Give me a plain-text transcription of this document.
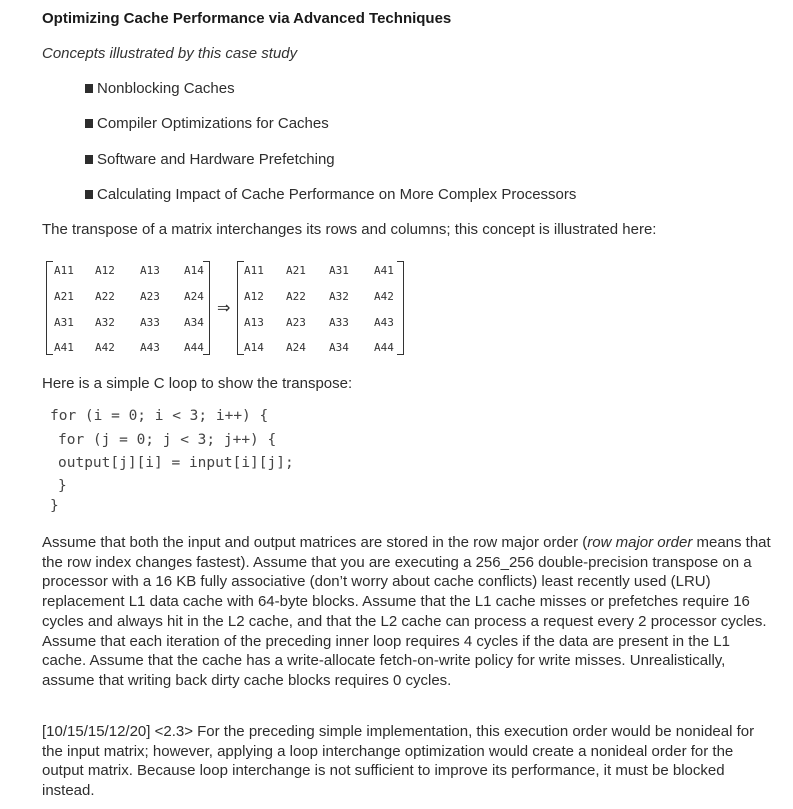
Optimizing Cache Performance via Advanced Techniques
Concepts illustrated by this case study
Nonblocking Caches
Compiler Optimizations for Caches
Software and Hardware Prefetching
Calculating Impact of Cache Performance on More Complex Processors
The transpose of a matrix interchanges its rows and columns; this concept is illustrated here:
A11 A12 A13 A14
A21 A22 A23 A24
A31 A32 A33 A34
A41 A42 A43 A44
⇒
A11 A21 A31 A41
A12 A22 A32 A42
A13 A23 A33 A43
A14 A24 A34 A44
Here is a simple C loop to show the transpose:
for (i = 0; i < 3; i++) {
for (j = 0; j < 3; j++) {
output[j][i] = input[i][j];
}
}
Assume that both the input and output matrices are stored in the row major order (row major order means that the row index changes fastest). Assume that you are executing a 256_256 double-precision transpose on a processor with a 16 KB fully associative (don’t worry about cache conflicts) least recently used (LRU) replacement L1 data cache with 64-byte blocks. Assume that the L1 cache misses or prefetches require 16 cycles and always hit in the L2 cache, and that the L2 cache can process a request every 2 processor cycles. Assume that each iteration of the preceding inner loop requires 4 cycles if the data are present in the L1 cache. Assume that the cache has a write-allocate fetch-on-write policy for write misses. Unrealistically, assume that writing back dirty cache blocks requires 0 cycles.
[10/15/15/12/20] <2.3> For the preceding simple implementation, this execution order would be nonideal for the input matrix; however, applying a loop interchange optimization would create a nonideal order for the output matrix. Because loop interchange is not sufficient to improve its performance, it must be blocked instead.
